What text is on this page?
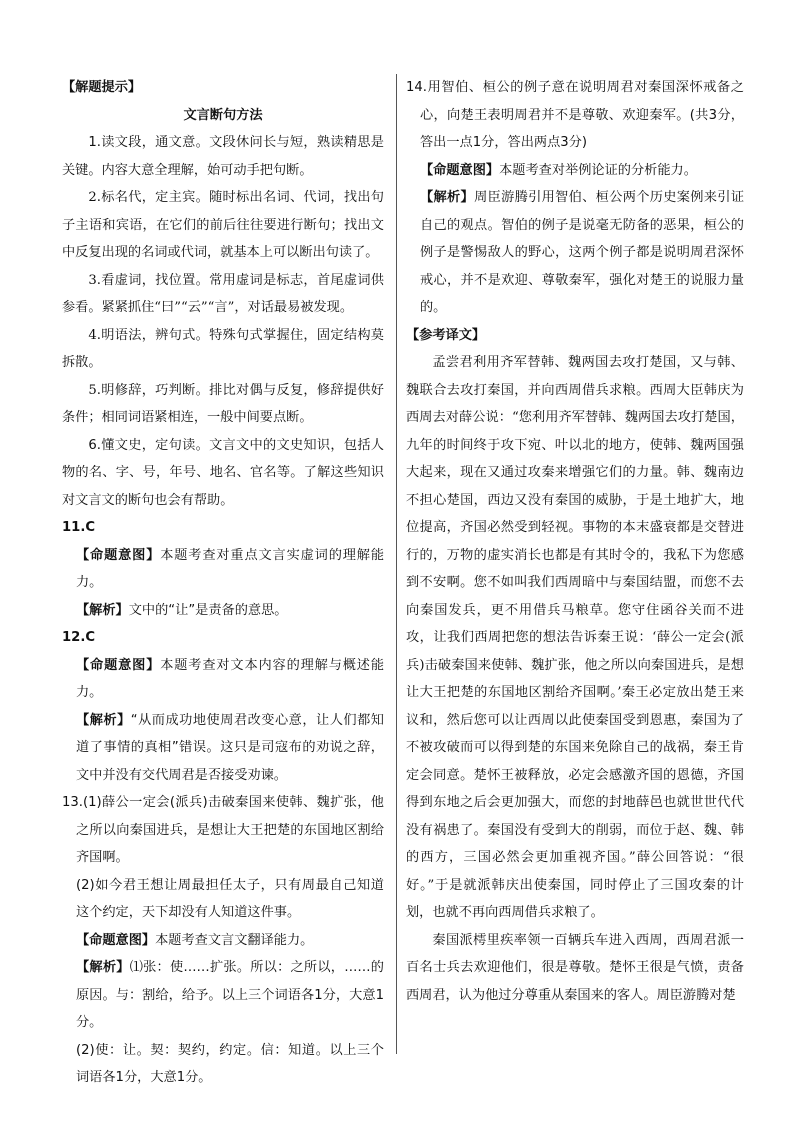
【解题提示】

文言断句方法

1.读文段，通文意。文段休问长与短，熟读精思是关键。内容大意全理解，始可动手把句断。

2.标名代，定主宾。随时标出名词、代词，找出句子主语和宾语，在它们的前后往往要进行断句；找出文中反复出现的名词或代词，就基本上可以断出句读了。

3.看虚词，找位置。常用虚词是标志，首尾虚词供参看。紧紧抓住“曰”“云”“言”，对话最易被发现。

4.明语法，辨句式。特殊句式掌握住，固定结构莫拆散。

5.明修辞，巧判断。排比对偶与反复，修辞提供好条件；相同词语紧相连，一般中间要点断。

6.懂文史，定句读。文言文中的文史知识，包括人物的名、字、号，年号、地名、官名等。了解这些知识对文言文的断句也会有帮助。

11.C

【命题意图】本题考查对重点文言实虚词的理解能力。

【解析】文中的“让”是责备的意思。

12.C

【命题意图】本题考查对文本内容的理解与概述能力。

【解析】“从而成功地使周君改变心意，让人们都知道了事情的真相”错误。这只是司寇布的劝说之辞，文中并没有交代周君是否接受劝谏。

13.(1)薛公一定会(派兵)击破秦国来使韩、魏扩张，他之所以向秦国进兵，是想让大王把楚的东国地区割给齐国啊。

(2)如今君王想让周最担任太子，只有周最自己知道这个约定，天下却没有人知道这件事。

【命题意图】本题考查文言文翻译能力。

【解析】⑴张：使……扩张。所以：之所以，……的原因。与：割给，给予。以上三个词语各1分，大意1分。

(2)使：让。契：契约，约定。信：知道。以上三个词语各1分，大意1分。

14.用智伯、桓公的例子意在说明周君对秦国深怀戒备之心，向楚王表明周君并不是尊敬、欢迎秦军。(共3分，答出一点1分，答出两点3分)

【命题意图】本题考查对举例论证的分析能力。

【解析】周臣游腾引用智伯、桓公两个历史案例来引证自己的观点。智伯的例子是说毫无防备的恶果，桓公的例子是警惕敌人的野心，这两个例子都是说明周君深怀戒心，并不是欢迎、尊敬秦军，强化对楚王的说服力量的。

【参考译文】

孟尝君利用齐军替韩、魏两国去攻打楚国，又与韩、魏联合去攻打秦国，并向西周借兵求粮。西周大臣韩庆为西周去对薛公说：“您利用齐军替韩、魏两国去攻打楚国，九年的时间终于攻下宛、叶以北的地方，使韩、魏两国强大起来，现在又通过攻秦来增强它们的力量。韩、魏南边不担心楚国，西边又没有秦国的威胁，于是土地扩大，地位提高，齐国必然受到轻视。事物的本末盛衰都是交替进行的，万物的虚实消长也都是有其时令的，我私下为您感到不安啊。您不如叫我们西周暗中与秦国结盟，而您不去向秦国发兵，更不用借兵马粮草。您守住函谷关而不进攻，让我们西周把您的想法告诉秦王说：‘薛公一定会(派兵)击破秦国来使韩、魏扩张，他之所以向秦国进兵，是想让大王把楚的东国地区割给齐国啊。’秦王必定放出楚王来议和，然后您可以让西周以此使秦国受到恩惠，秦国为了不被攻破而可以得到楚的东国来免除自己的战祸，秦王肯定会同意。楚怀王被释放，必定会感激齐国的恩德，齐国得到东地之后会更加强大，而您的封地薛邑也就世世代代没有祸患了。秦国没有受到大的削弱，而位于赵、魏、韩的西方，三国必然会更加重视齐国。”薛公回答说：“很好。”于是就派韩庆出使秦国，同时停止了三国攻秦的计划，也就不再向西周借兵求粮了。

秦国派樗里疾率领一百辆兵车进入西周，西周君派一百名士兵去欢迎他们，很是尊敬。楚怀王很是气愤，责备西周君，认为他过分尊重从秦国来的客人。周臣游腾对楚
